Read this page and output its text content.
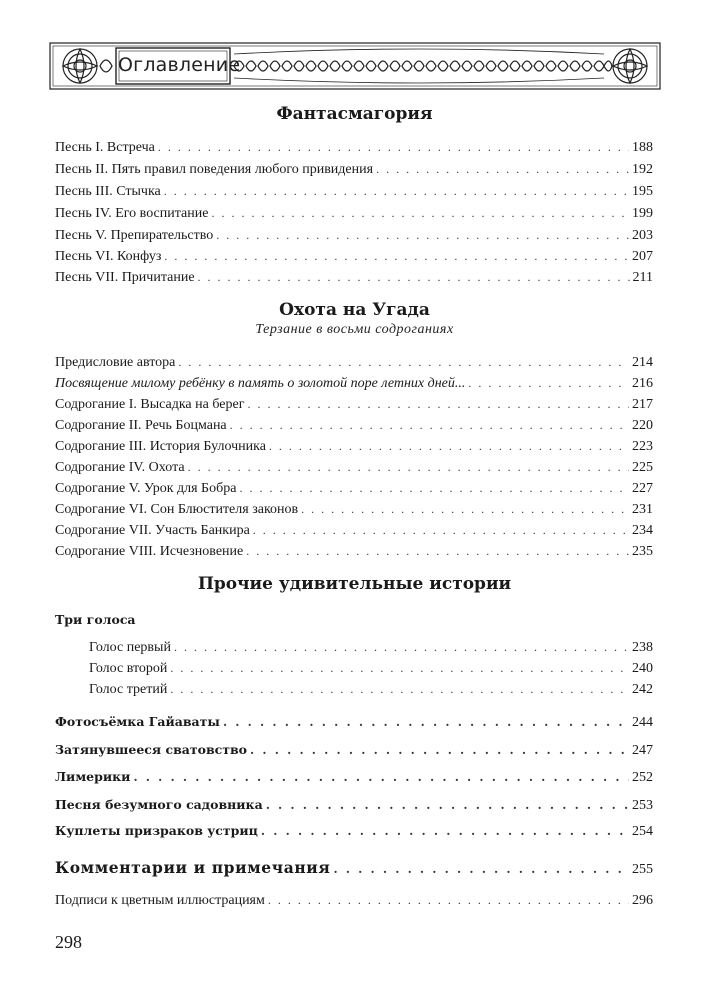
Оглавление
Фантасмагория
Песнь I. Встреча . . .	188
Песнь II. Пять правил поведения любого привидения . . .	192
Песнь III. Стычка . . .	195
Песнь IV. Его воспитание . . .	199
Песнь V. Препирательство . . .	203
Песнь VI. Конфуз . . .	207
Песнь VII. Причитание . . .	211
Охота на Угада
Терзание в восьми содроганиях
Предисловие автора . . .	214
Посвящение милому ребёнку в память о золотой поре летних дней... . . .	216
Содрогание I. Высадка на берег . . .	217
Содрогание II. Речь Боцмана . . .	220
Содрогание III. История Булочника . . .	223
Содрогание IV. Охота . . .	225
Содрогание V. Урок для Бобра . . .	227
Содрогание VI. Сон Блюстителя законов . . .	231
Содрогание VII. Участь Банкира . . .	234
Содрогание VIII. Исчезновение . . .	235
Прочие удивительные истории
Три голоса
Голос первый . . .	238
Голос второй . . .	240
Голос третий . . .	242
Фотосъёмка Гайаваты . . .	244
Затянувшееся сватовство . . .	247
Лимерики . . .	252
Песня безумного садовника . . .	253
Куплеты призраков устриц . . .	254
Комментарии и примечания . . .	255
Подписи к цветным иллюстрациям . . .	296
298
